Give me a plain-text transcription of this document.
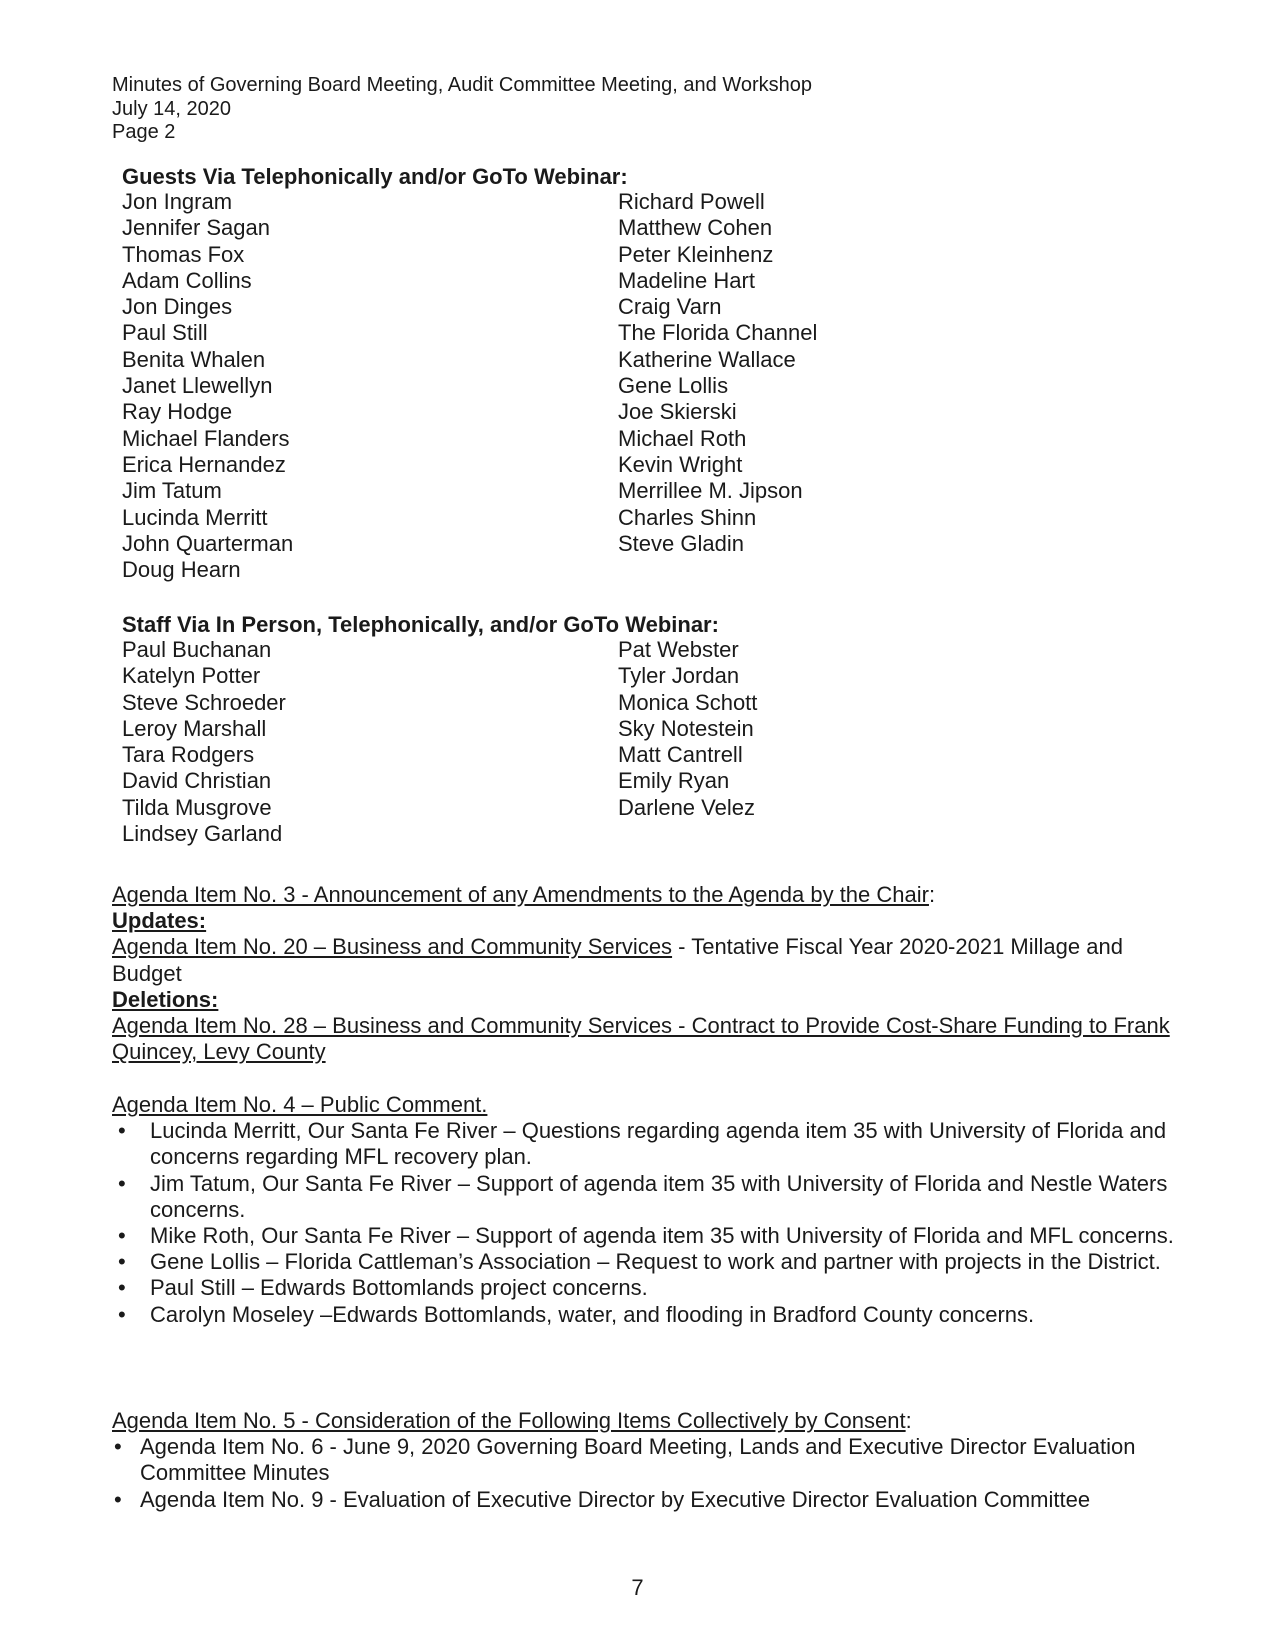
Minutes of Governing Board Meeting, Audit Committee Meeting, and Workshop
July 14, 2020
Page 2
Guests Via Telephonically and/or GoTo Webinar:
Jon Ingram
Jennifer Sagan
Thomas Fox
Adam Collins
Jon Dinges
Paul Still
Benita Whalen
Janet Llewellyn
Ray Hodge
Michael Flanders
Erica Hernandez
Jim Tatum
Lucinda Merritt
John Quarterman
Doug Hearn
Richard Powell
Matthew Cohen
Peter Kleinhenz
Madeline Hart
Craig Varn
The Florida Channel
Katherine Wallace
Gene Lollis
Joe Skierski
Michael Roth
Kevin Wright
Merrillee M. Jipson
Charles Shinn
Steve Gladin
Staff Via In Person, Telephonically, and/or GoTo Webinar:
Paul Buchanan
Katelyn Potter
Steve Schroeder
Leroy Marshall
Tara Rodgers
David Christian
Tilda Musgrove
Lindsey Garland
Pat Webster
Tyler Jordan
Monica Schott
Sky Notestein
Matt Cantrell
Emily Ryan
Darlene Velez
Agenda Item No. 3 - Announcement of any Amendments to the Agenda by the Chair:
Updates:
Agenda Item No. 20 – Business and Community Services - Tentative Fiscal Year 2020-2021 Millage and Budget
Deletions:
Agenda Item No. 28 – Business and Community Services - Contract to Provide Cost-Share Funding to Frank Quincey, Levy County
Agenda Item No. 4 – Public Comment.
• Lucinda Merritt, Our Santa Fe River – Questions regarding agenda item 35 with University of Florida and concerns regarding MFL recovery plan.
• Jim Tatum, Our Santa Fe River – Support of agenda item 35 with University of Florida and Nestle Waters concerns.
• Mike Roth, Our Santa Fe River – Support of agenda item 35 with University of Florida and MFL concerns.
• Gene Lollis – Florida Cattleman’s Association – Request to work and partner with projects in the District.
• Paul Still – Edwards Bottomlands project concerns.
• Carolyn Moseley –Edwards Bottomlands, water, and flooding in Bradford County concerns.
Agenda Item No. 5 - Consideration of the Following Items Collectively by Consent:
• Agenda Item No. 6 - June 9, 2020 Governing Board Meeting, Lands and Executive Director Evaluation Committee Minutes
• Agenda Item No. 9 - Evaluation of Executive Director by Executive Director Evaluation Committee
7
